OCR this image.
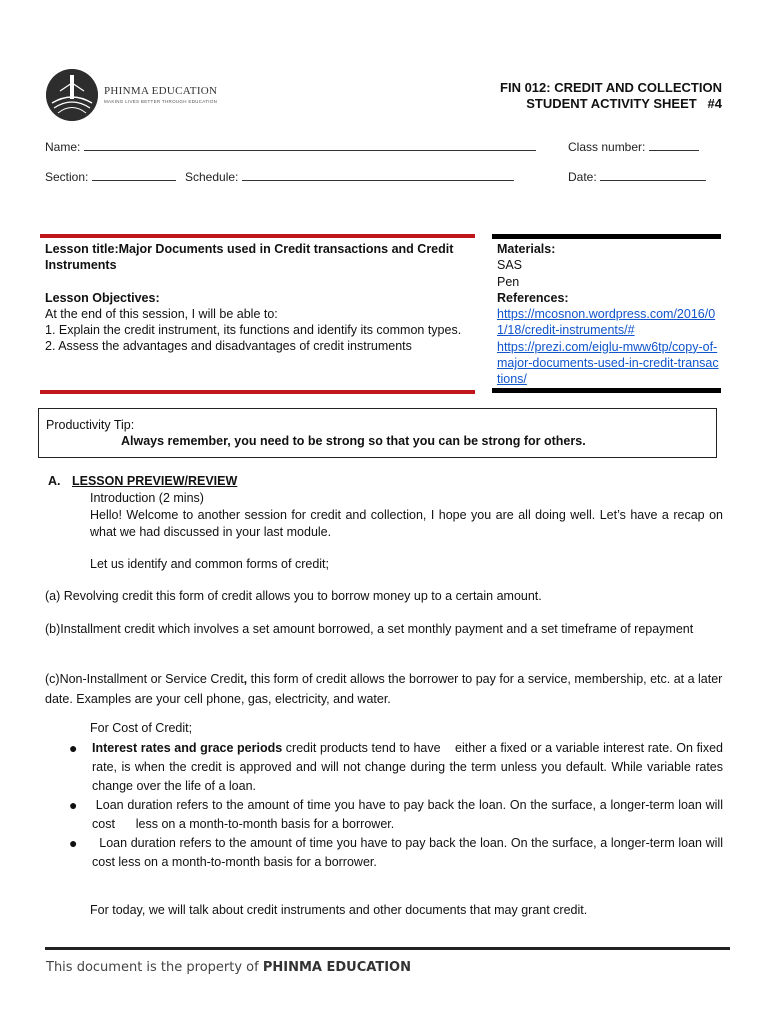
PHINMA EDUCATION
MAKING LIVES BETTER THROUGH EDUCATION
FIN 012: CREDIT AND COLLECTION
STUDENT ACTIVITY SHEET   #4
Name:	Class number:
Section:	Schedule:	Date:
Lesson title:Major Documents used in Credit transactions and Credit Instruments
Lesson Objectives:
At the end of this session, I will be able to:
1. Explain the credit instrument, its functions and identify its common types.
2. Assess the advantages and disadvantages of credit instruments
Materials:
SAS
Pen
References:
https://mcosnon.wordpress.com/2016/01/18/credit-instruments/#
https://prezi.com/eiglu-mww6tp/copy-of-major-documents-used-in-credit-transactions/
Productivity Tip:
Always remember, you need to be strong so that you can be strong for others.
A. LESSON PREVIEW/REVIEW
Introduction (2 mins)
Hello! Welcome to another session for credit and collection, I hope you are all doing well. Let’s have a recap on what we had discussed in your last module.
Let us identify and common forms of credit;
(a) Revolving credit this form of credit allows you to borrow money up to a certain amount.
(b)Installment credit which involves a set amount borrowed, a set monthly payment and a set timeframe of repayment
(c)Non-Installment or Service Credit, this form of credit allows the borrower to pay for a service, membership, etc. at a later date. Examples are your cell phone, gas, electricity, and water.
For Cost of Credit;
● Interest rates and grace periods credit products tend to have    either a fixed or a variable interest rate. On fixed rate, is when the credit is approved and will not change during the term unless you default. While variable rates change over the life of a loan.
● Loan duration refers to the amount of time you have to pay back the loan. On the surface, a longer-term loan will cost      less on a month-to-month basis for a borrower.
● Loan duration refers to the amount of time you have to pay back the loan. On the surface, a longer-term loan will cost less on a month-to-month basis for a borrower.
For today, we will talk about credit instruments and other documents that may grant credit.
This document is the property of PHINMA EDUCATION
